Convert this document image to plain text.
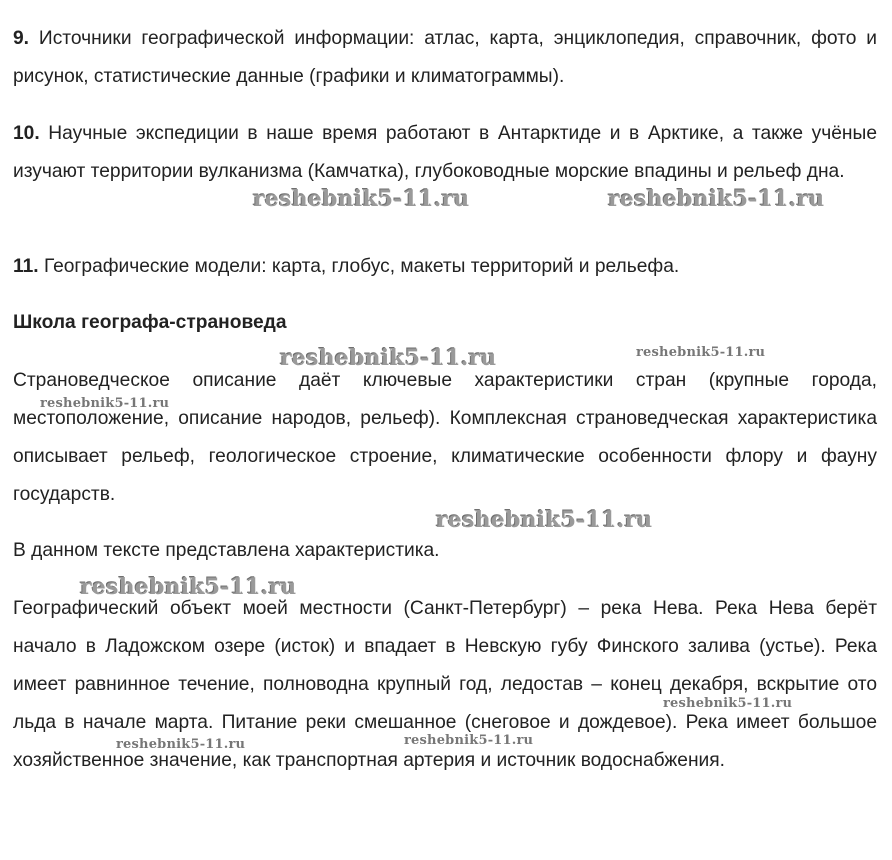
9. Источники географической информации: атлас, карта, энциклопедия, справочник, фото и рисунок, статистические данные (графики и климатограммы).

10. Научные экспедиции в наше время работают в Антарктиде и в Арктике, а также учёные изучают территории вулканизма (Камчатка), глубоководные морские впадины и рельеф дна.

11. Географические модели: карта, глобус, макеты территорий и рельефа.

Школа географа-страноведа

Страноведческое описание даёт ключевые характеристики стран (крупные города, местоположение, описание народов, рельеф). Комплексная страноведческая характеристика описывает рельеф, геологическое строение, климатические особенности флору и фауну государств.

В данном тексте представлена характеристика.

Географический объект моей местности (Санкт-Петербург) – река Нева. Река Нева берёт начало в Ладожском озере (исток) и впадает в Невскую губу Финского залива (устье). Река имеет равнинное течение, полноводна крупный год, ледостав – конец декабря, вскрытие ото льда в начале марта. Питание реки смешанное (снеговое и дождевое). Река имеет большое хозяйственное значение, как транспортная артерия и источник водоснабжения.

reshebnik5-11.ru	reshebnik5-11.ru
reshebnik5-11.ru	reshebnik5-11.ru
reshebnik5-11.ru
reshebnik5-11.ru
reshebnik5-11.ru
reshebnik5-11.ru
reshebnik5-11.ru	reshebnik5-11.ru
